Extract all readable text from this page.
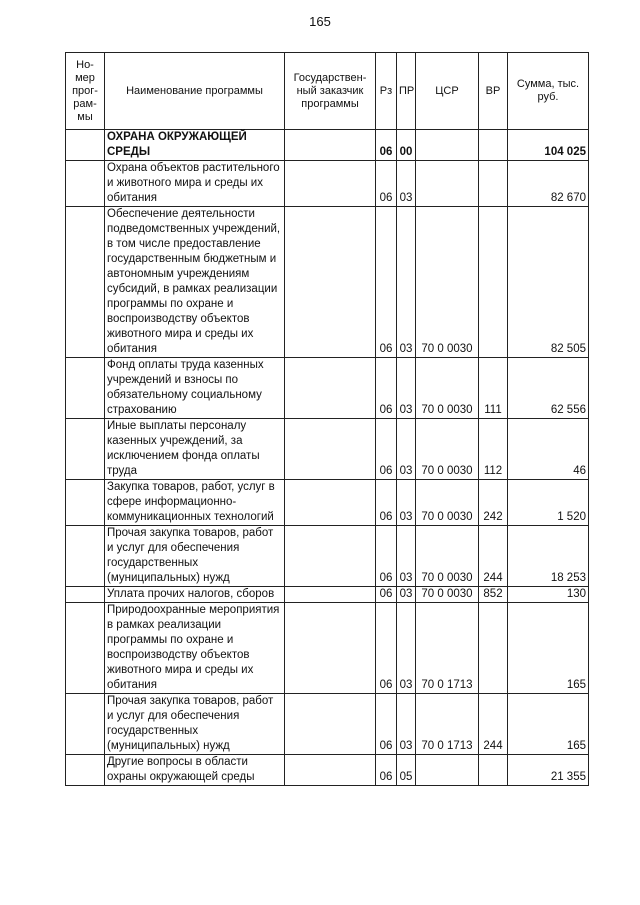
165
Но-мер прог-рам-мы	Наименование программы	Государствен-ный заказчик программы	Рз	ПР	ЦСР	ВР	Сумма, тыс. руб.
	ОХРАНА ОКРУЖАЮЩЕЙ СРЕДЫ		06	00			104 025
	Охрана объектов растительного и животного мира и среды их обитания		06	03			82 670
	Обеспечение деятельности подведомственных учреждений, в том числе предоставление государственным бюджетным и автономным учреждениям субсидий, в рамках реализации программы по охране и воспроизводству объектов животного мира и среды их обитания		06	03	70 0 0030		82 505
	Фонд оплаты труда казенных учреждений и взносы по обязательному социальному страхованию		06	03	70 0 0030	111	62 556
	Иные выплаты персоналу казенных учреждений, за исключением фонда оплаты труда		06	03	70 0 0030	112	46
	Закупка товаров, работ, услуг в сфере информационно-коммуникационных технологий		06	03	70 0 0030	242	1 520
	Прочая закупка товаров, работ и услуг для обеспечения государственных (муниципальных) нужд		06	03	70 0 0030	244	18 253
	Уплата прочих налогов, сборов		06	03	70 0 0030	852	130
	Природоохранные мероприятия в рамках реализации программы по охране и воспроизводству объектов животного мира и среды их обитания		06	03	70 0 1713		165
	Прочая закупка товаров, работ и услуг для обеспечения государственных (муниципальных) нужд		06	03	70 0 1713	244	165
	Другие вопросы в области охраны окружающей среды		06	05			21 355
